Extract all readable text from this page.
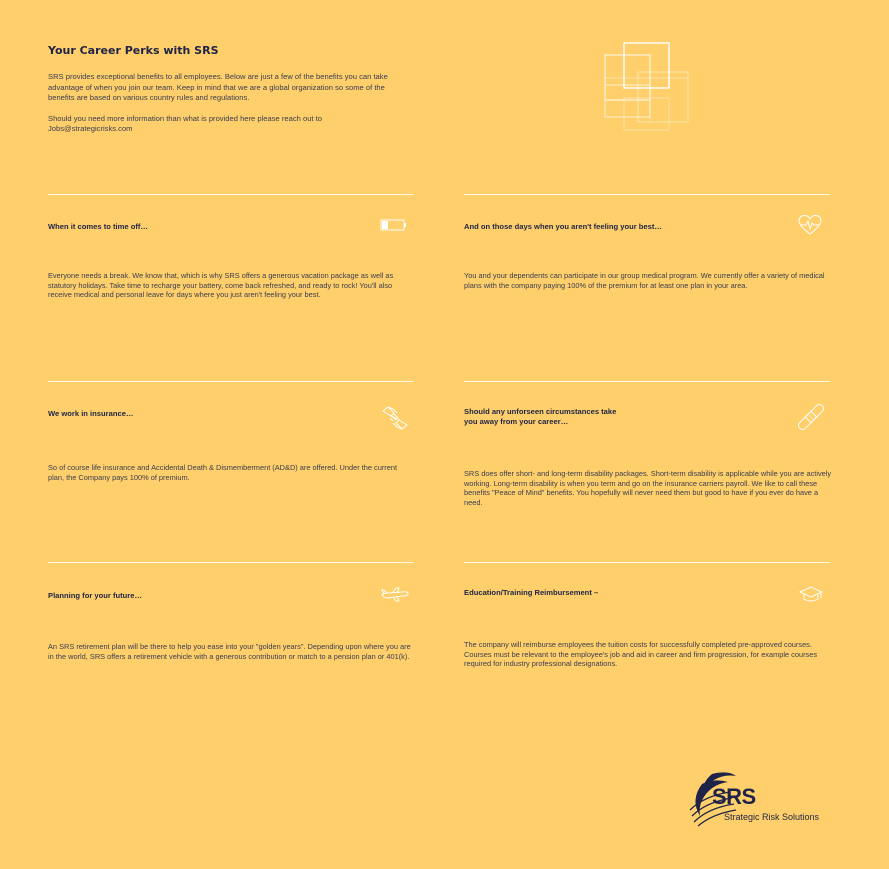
Your Career Perks with SRS

SRS provides exceptional benefits to all employees. Below are just a few of the benefits you can take advantage of when you join our team. Keep in mind that we are a global organization so some of the benefits are based on various country rules and regulations.

Should you need more information than what is provided here please reach out to Jobs@strategicrisks.com

When it comes to time off…
Everyone needs a break. We know that, which is why SRS offers a generous vacation package as well as statutory holidays. Take time to recharge your battery, come back refreshed, and ready to rock! You'll also receive medical and personal leave for days where you just aren't feeling your best.
And on those days when you aren't feeling your best…
You and your dependents can participate in our group medical program. We currently offer a variety of medical plans with the company paying 100% of the premium for at least one plan in your area.
We work in insurance…
So of course life insurance and Accidental Death & Dismemberment (AD&D) are offered. Under the current plan, the Company pays 100% of premium.
Should any unforseen circumstances take
you away from your career…
SRS does offer short- and long-term disability packages. Short-term disability is applicable while you are actively working. Long-term disability is when you term and go on the insurance carriers payroll. We like to call these benefits "Peace of Mind" benefits. You hopefully will never need them but good to have if you ever do have a need.
Planning for your future…
An SRS retirement plan will be there to help you ease into your "golden years". Depending upon where you are in the world, SRS offers a retirement vehicle with a generous contribution or match to a pension plan or 401(k).
Education/Training Reimbursement –
The company will reimburse employees the tuition costs for successfully completed pre-approved courses. Courses must be relevant to the employee's job and aid in career and firm progression, for example courses required for industry professional designations.
SRS
Strategic Risk Solutions
